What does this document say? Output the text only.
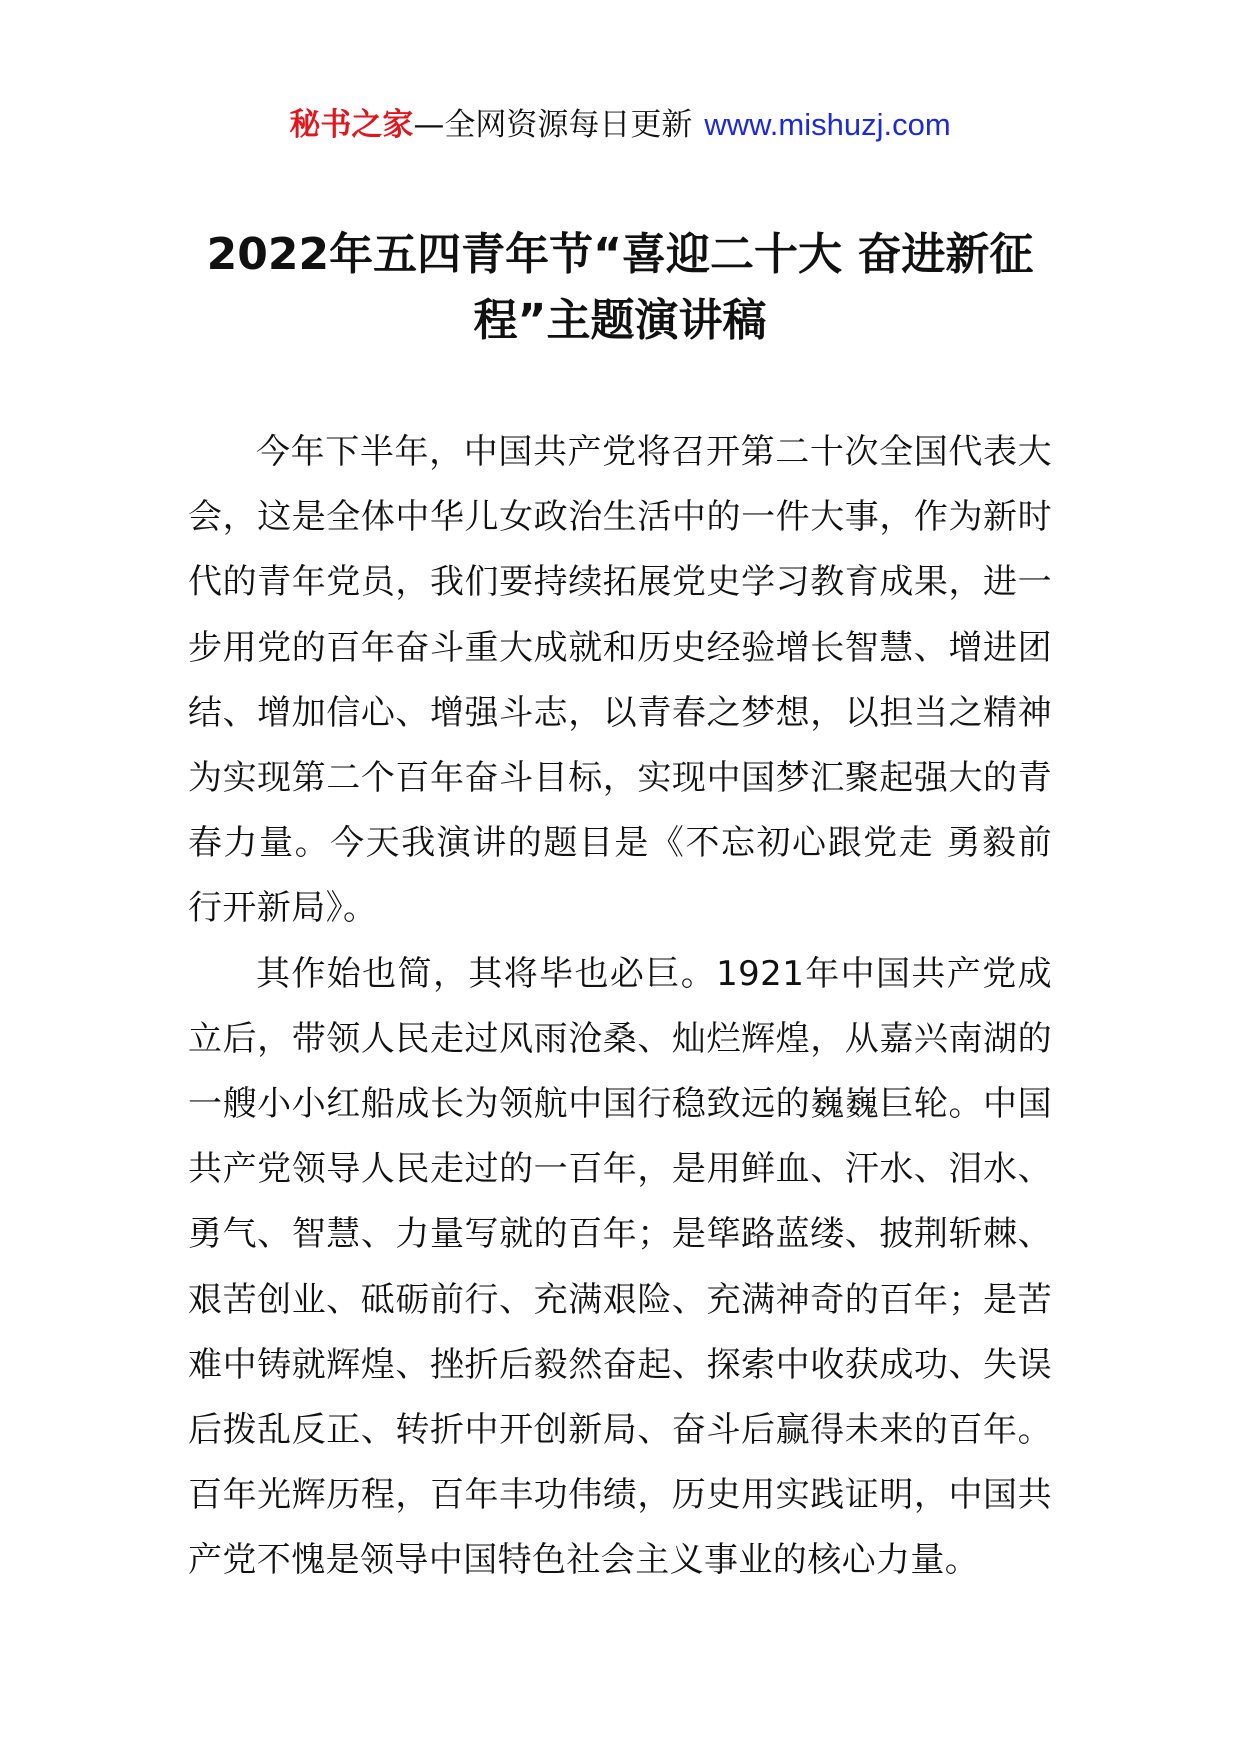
秘书之家—全网资源每日更新 www.mishuzj.com
2022年五四青年节“喜迎二十大 奋进新征程”主题演讲稿

今年下半年，中国共产党将召开第二十次全国代表大会，这是全体中华儿女政治生活中的一件大事，作为新时代的青年党员，我们要持续拓展党史学习教育成果，进一步用党的百年奋斗重大成就和历史经验增长智慧、增进团结、增加信心、增强斗志，以青春之梦想，以担当之精神为实现第二个百年奋斗目标，实现中国梦汇聚起强大的青春力量。今天我演讲的题目是《不忘初心跟党走 勇毅前行开新局》。

其作始也简，其将毕也必巨。1921年中国共产党成立后，带领人民走过风雨沧桑、灿烂辉煌，从嘉兴南湖的一艘小小红船成长为领航中国行稳致远的巍巍巨轮。中国共产党领导人民走过的一百年，是用鲜血、汗水、泪水、勇气、智慧、力量写就的百年；是筚路蓝缕、披荆斩棘、艰苦创业、砥砺前行、充满艰险、充满神奇的百年；是苦难中铸就辉煌、挫折后毅然奋起、探索中收获成功、失误后拨乱反正、转折中开创新局、奋斗后赢得未来的百年。百年光辉历程，百年丰功伟绩，历史用实践证明，中国共产党不愧是领导中国特色社会主义事业的核心力量。
